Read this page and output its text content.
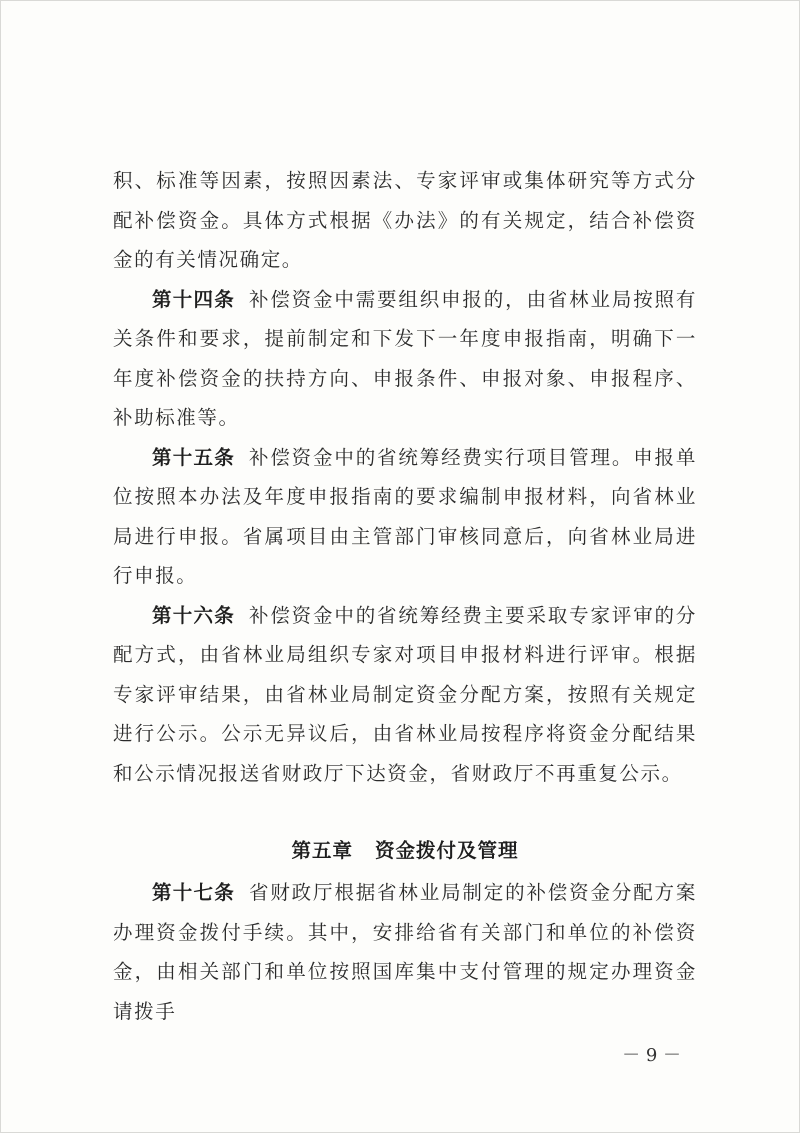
积、标准等因素，按照因素法、专家评审或集体研究等方式分配补偿资金。具体方式根据《办法》的有关规定，结合补偿资金的有关情况确定。

第十四条 补偿资金中需要组织申报的，由省林业局按照有关条件和要求，提前制定和下发下一年度申报指南，明确下一年度补偿资金的扶持方向、申报条件、申报对象、申报程序、补助标准等。

第十五条 补偿资金中的省统筹经费实行项目管理。申报单位按照本办法及年度申报指南的要求编制申报材料，向省林业局进行申报。省属项目由主管部门审核同意后，向省林业局进行申报。

第十六条 补偿资金中的省统筹经费主要采取专家评审的分配方式，由省林业局组织专家对项目申报材料进行评审。根据专家评审结果，由省林业局制定资金分配方案，按照有关规定进行公示。公示无异议后，由省林业局按程序将资金分配结果和公示情况报送省财政厅下达资金，省财政厅不再重复公示。

第五章 资金拨付及管理

第十七条 省财政厅根据省林业局制定的补偿资金分配方案办理资金拨付手续。其中，安排给省有关部门和单位的补偿资金，由相关部门和单位按照国库集中支付管理的规定办理资金请拨手

－ 9 －
